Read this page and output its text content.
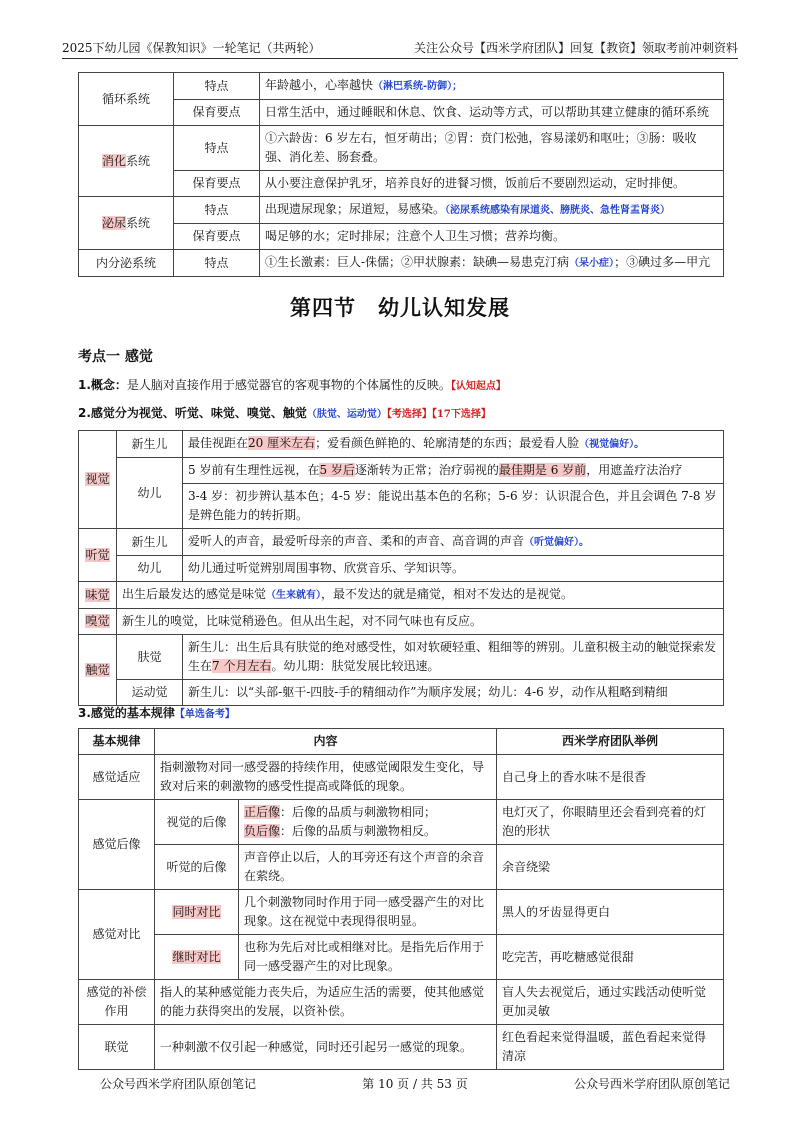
2025下幼儿园《保教知识》一轮笔记（共两轮）	关注公众号【西米学府团队】回复【教资】领取考前冲刺资料
循环系统	特点	年龄越小，心率越快（淋巴系统-防御）；
	保育要点	日常生活中，通过睡眠和休息、饮食、运动等方式，可以帮助其建立健康的循环系统
消化系统	特点	①六龄齿：6 岁左右，恒牙萌出；②胃：贲门松弛，容易漾奶和呕吐；③肠：吸收强、消化差、肠套叠。
	保育要点	从小要注意保护乳牙，培养良好的进餐习惯，饭前后不要剧烈运动，定时排便。
泌尿系统	特点	出现遗尿现象；尿道短，易感染。（泌尿系统感染有尿道炎、膀胱炎、急性肾盂肾炎）
	保育要点	喝足够的水；定时排尿；注意个人卫生习惯；营养均衡。
内分泌系统	特点	①生长激素：巨人-侏儒；②甲状腺素：缺碘—易患克汀病（呆小症）；③碘过多—甲亢
第四节　幼儿认知发展
考点一 感觉
1.概念：是人脑对直接作用于感觉器官的客观事物的个体属性的反映。【认知起点】
2.感觉分为视觉、听觉、味觉、嗅觉、触觉（肤觉、运动觉）【考选择】【17下选择】
视觉	新生儿	最佳视距在20 厘米左右；爱看颜色鲜艳的、轮廓清楚的东西；最爱看人脸（视觉偏好）。
	幼儿	5 岁前有生理性远视，在5 岁后逐渐转为正常；治疗弱视的最佳期是 6 岁前，用遮盖疗法治疗
		3-4 岁：初步辨认基本色；4-5 岁：能说出基本色的名称；5-6 岁：认识混合色，并且会调色 7-8 岁是辨色能力的转折期。
听觉	新生儿	爱听人的声音，最爱听母亲的声音、柔和的声音、高音调的声音（听觉偏好）。
	幼儿	幼儿通过听觉辨别周围事物、欣赏音乐、学知识等。
味觉	出生后最发达的感觉是味觉（生来就有），最不发达的就是痛觉，相对不发达的是视觉。	
嗅觉	新生儿的嗅觉，比味觉稍逊色。但从出生起，对不同气味也有反应。	
触觉	肤觉	新生儿：出生后具有肤觉的绝对感受性，如对软硬轻重、粗细等的辨别。儿童积极主动的触觉探索发生在7 个月左右。幼儿期：肤觉发展比较迅速。
	运动觉	新生儿：以“头部-躯干-四肢-手的精细动作”为顺序发展；幼儿：4-6 岁，动作从粗略到精细
3.感觉的基本规律【单选备考】
基本规律	内容		西米学府团队举例
感觉适应	指刺激物对同一感受器的持续作用，使感觉阈限发生变化，导致对后来的刺激物的感受性提高或降低的现象。		自己身上的香水味不是很香
感觉后像	视觉的后像	正后像：后像的品质与刺激物相同；
负后像：后像的品质与刺激物相反。	电灯灭了，你眼睛里还会看到亮着的灯泡的形状
	听觉的后像	声音停止以后，人的耳旁还有这个声音的余音在萦绕。	余音绕梁
感觉对比	同时对比	几个刺激物同时作用于同一感受器产生的对比现象。这在视觉中表现得很明显。	黑人的牙齿显得更白
	继时对比	也称为先后对比或相继对比。是指先后作用于同一感受器产生的对比现象。	吃完苦，再吃糖感觉很甜
感觉的补偿作用	指人的某种感觉能力丧失后，为适应生活的需要，使其他感觉的能力获得突出的发展，以资补偿。		盲人失去视觉后，通过实践活动使听觉更加灵敏
联觉	一种刺激不仅引起一种感觉，同时还引起另一感觉的现象。		红色看起来觉得温暖，蓝色看起来觉得清凉
公众号西米学府团队原创笔记	第 10 页 / 共 53 页	公众号西米学府团队原创笔记
